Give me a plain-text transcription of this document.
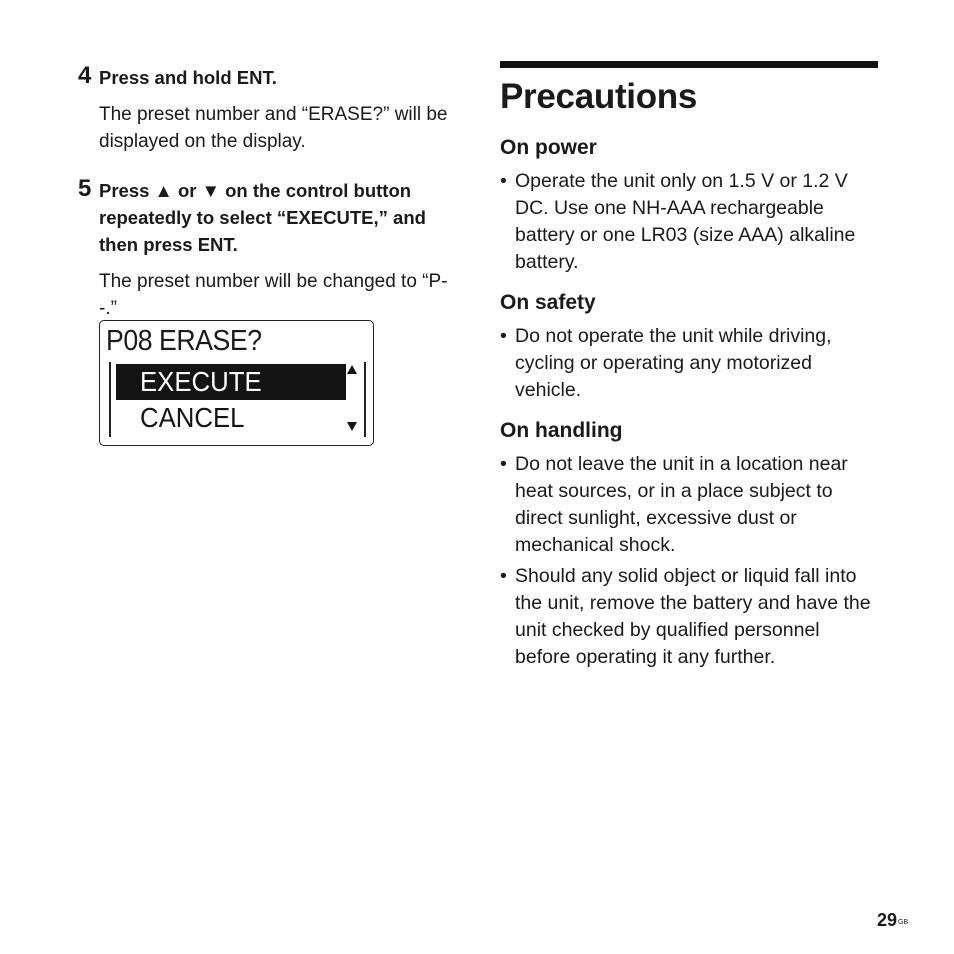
4 Press and hold ENT.

The preset number and “ERASE?” will be displayed on the display.

5 Press ▲ or ▼ on the control button repeatedly to select “EXECUTE,” and then press ENT.

The preset number will be changed to “P- -.”

P08 ERASE?
EXECUTE
CANCEL
Precautions
On power
• Operate the unit only on 1.5 V or 1.2 V DC. Use one NH-AAA rechargeable battery or one LR03 (size AAA) alkaline battery.
On safety
• Do not operate the unit while driving, cycling or operating any motorized vehicle.
On handling
• Do not leave the unit in a location near heat sources, or in a place subject to direct sunlight, excessive dust or mechanical shock.
• Should any solid object or liquid fall into the unit, remove the battery and have the unit checked by qualified personnel before operating it any further.
$29^{GB}$
